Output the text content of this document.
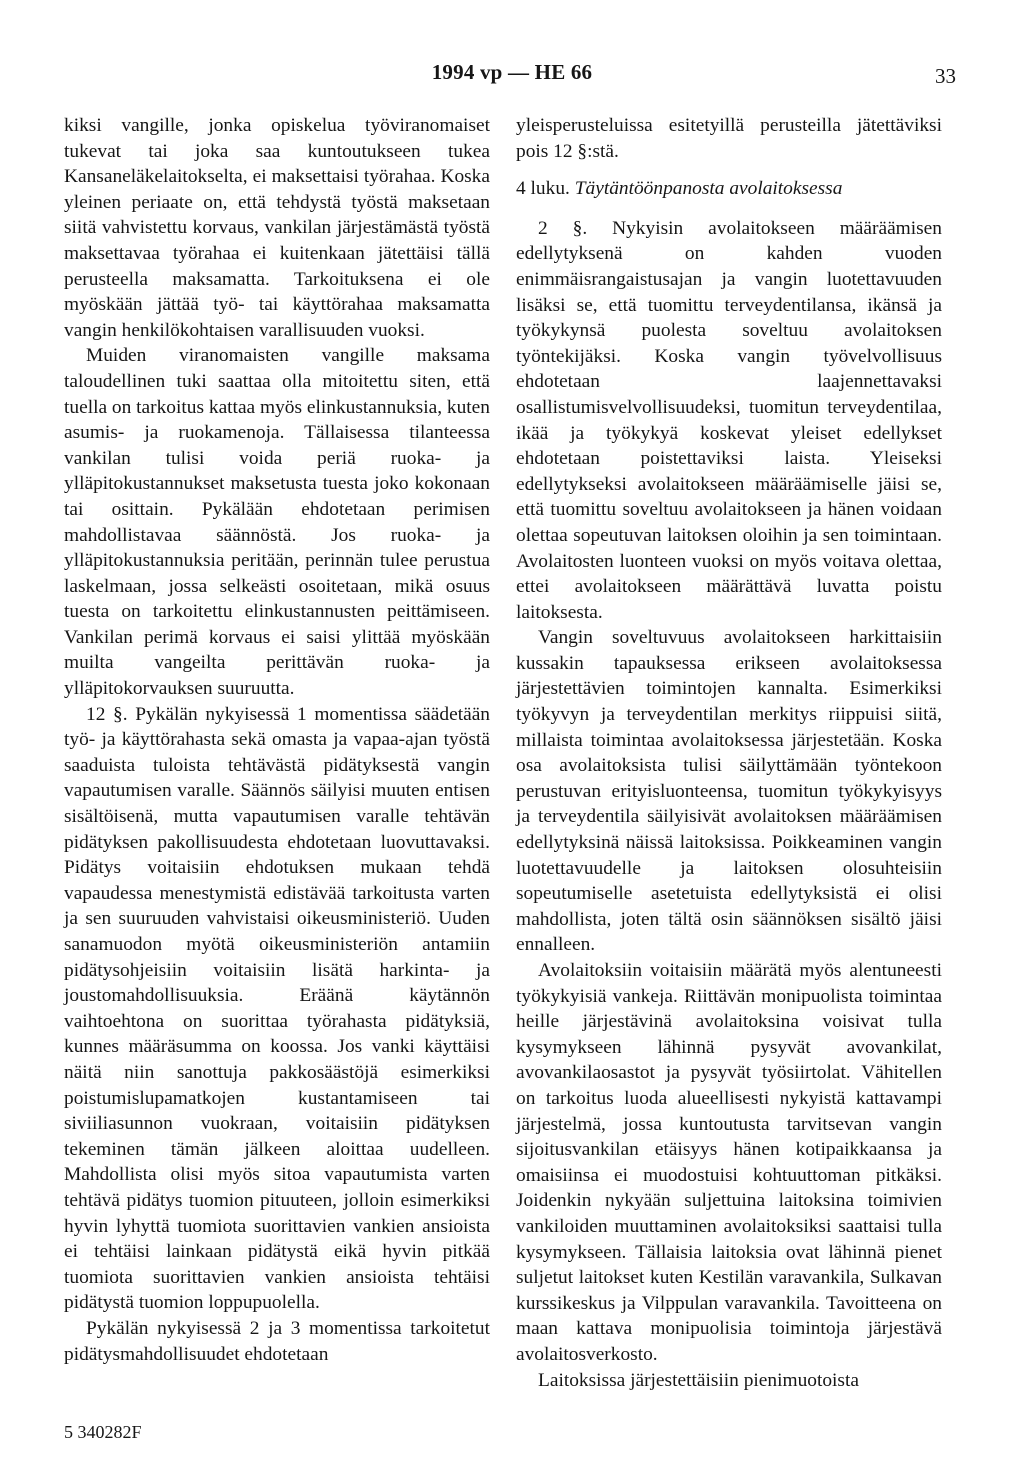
1994 vp — HE 66	33

kiksi vangille, jonka opiskelua työviranomaiset tukevat tai joka saa kuntoutukseen tukea Kansaneläkelaitokselta, ei maksettaisi työrahaa. Koska yleinen periaate on, että tehdystä työstä maksetaan siitä vahvistettu korvaus, vankilan järjestämästä työstä maksettavaa työrahaa ei kuitenkaan jätettäisi tällä perusteella maksamatta. Tarkoituksena ei ole myöskään jättää työ- tai käyttörahaa maksamatta vangin henkilökohtaisen varallisuuden vuoksi.

Muiden viranomaisten vangille maksama taloudellinen tuki saattaa olla mitoitettu siten, että tuella on tarkoitus kattaa myös elinkustannuksia, kuten asumis- ja ruokamenoja. Tällaisessa tilanteessa vankilan tulisi voida periä ruoka- ja ylläpitokustannukset maksetusta tuesta joko kokonaan tai osittain. Pykälään ehdotetaan perimisen mahdollistavaa säännöstä. Jos ruoka- ja ylläpitokustannuksia peritään, perinnän tulee perustua laskelmaan, jossa selkeästi osoitetaan, mikä osuus tuesta on tarkoitettu elinkustannusten peittämiseen. Vankilan perimä korvaus ei saisi ylittää myöskään muilta vangeilta perittävän ruoka- ja ylläpitokorvauksen suuruutta.

12 §. Pykälän nykyisessä 1 momentissa säädetään työ- ja käyttörahasta sekä omasta ja vapaa-ajan työstä saaduista tuloista tehtävästä pidätyksestä vangin vapautumisen varalle. Säännös säilyisi muuten entisen sisältöisenä, mutta vapautumisen varalle tehtävän pidätyksen pakollisuudesta ehdotetaan luovuttavaksi. Pidätys voitaisiin ehdotuksen mukaan tehdä vapaudessa menestymistä edistävää tarkoitusta varten ja sen suuruuden vahvistaisi oikeusministeriö. Uuden sanamuodon myötä oikeusministeriön antamiin pidätysohjeisiin voitaisiin lisätä harkinta- ja joustomahdollisuuksia. Eräänä käytännön vaihtoehtona on suorittaa työrahasta pidätyksiä, kunnes määräsumma on koossa. Jos vanki käyttäisi näitä niin sanottuja pakkosäästöjä esimerkiksi poistumislupamatkojen kustantamiseen tai siviiliasunnon vuokraan, voitaisiin pidätyksen tekeminen tämän jälkeen aloittaa uudelleen. Mahdollista olisi myös sitoa vapautumista varten tehtävä pidätys tuomion pituuteen, jolloin esimerkiksi hyvin lyhyttä tuomiota suorittavien vankien ansioista ei tehtäisi lainkaan pidätystä eikä hyvin pitkää tuomiota suorittavien vankien ansioista tehtäisi pidätystä tuomion loppupuolella.

Pykälän nykyisessä 2 ja 3 momentissa tarkoitetut pidätysmahdollisuudet ehdotetaan

yleisperusteluissa esitetyillä perusteilla jätettäviksi pois 12 §:stä.

4 luku. Täytäntöönpanosta avolaitoksessa

2 §. Nykyisin avolaitokseen määräämisen edellytyksenä on kahden vuoden enimmäisrangaistusajan ja vangin luotettavuuden lisäksi se, että tuomittu terveydentilansa, ikänsä ja työkykynsä puolesta soveltuu avolaitoksen työntekijäksi. Koska vangin työvelvollisuus ehdotetaan laajennettavaksi osallistumisvelvollisuudeksi, tuomitun terveydentilaa, ikää ja työkykyä koskevat yleiset edellykset ehdotetaan poistettaviksi laista. Yleiseksi edellytykseksi avolaitokseen määräämiselle jäisi se, että tuomittu soveltuu avolaitokseen ja hänen voidaan olettaa sopeutuvan laitoksen oloihin ja sen toimintaan. Avolaitosten luonteen vuoksi on myös voitava olettaa, ettei avolaitokseen määrättävä luvatta poistu laitoksesta.

Vangin soveltuvuus avolaitokseen harkittaisiin kussakin tapauksessa erikseen avolaitoksessa järjestettävien toimintojen kannalta. Esimerkiksi työkyvyn ja terveydentilan merkitys riippuisi siitä, millaista toimintaa avolaitoksessa järjestetään. Koska osa avolaitoksista tulisi säilyttämään työntekoon perustuvan erityisluonteensa, tuomitun työkykyisyys ja terveydentila säilyisivät avolaitoksen määräämisen edellytyksinä näissä laitoksissa. Poikkeaminen vangin luotettavuudelle ja laitoksen olosuhteisiin sopeutumiselle asetetuista edellytyksistä ei olisi mahdollista, joten tältä osin säännöksen sisältö jäisi ennalleen.

Avolaitoksiin voitaisiin määrätä myös alentuneesti työkykyisiä vankeja. Riittävän monipuolista toimintaa heille järjestävinä avolaitoksina voisivat tulla kysymykseen lähinnä pysyvät avovankilat, avovankilaosastot ja pysyvät työsiirtolat. Vähitellen on tarkoitus luoda alueellisesti nykyistä kattavampi järjestelmä, jossa kuntoutusta tarvitsevan vangin sijoitusvankilan etäisyys hänen kotipaikkaansa ja omaisiinsa ei muodostuisi kohtuuttoman pitkäksi. Joidenkin nykyään suljettuina laitoksina toimivien vankiloiden muuttaminen avolaitoksiksi saattaisi tulla kysymykseen. Tällaisia laitoksia ovat lähinnä pienet suljetut laitokset kuten Kestilän varavankila, Sulkavan kurssikeskus ja Vilppulan varavankila. Tavoitteena on maan kattava monipuolisia toimintoja järjestävä avolaitosverkosto.

Laitoksissa järjestettäisiin pienimuotoista

5 340282F
